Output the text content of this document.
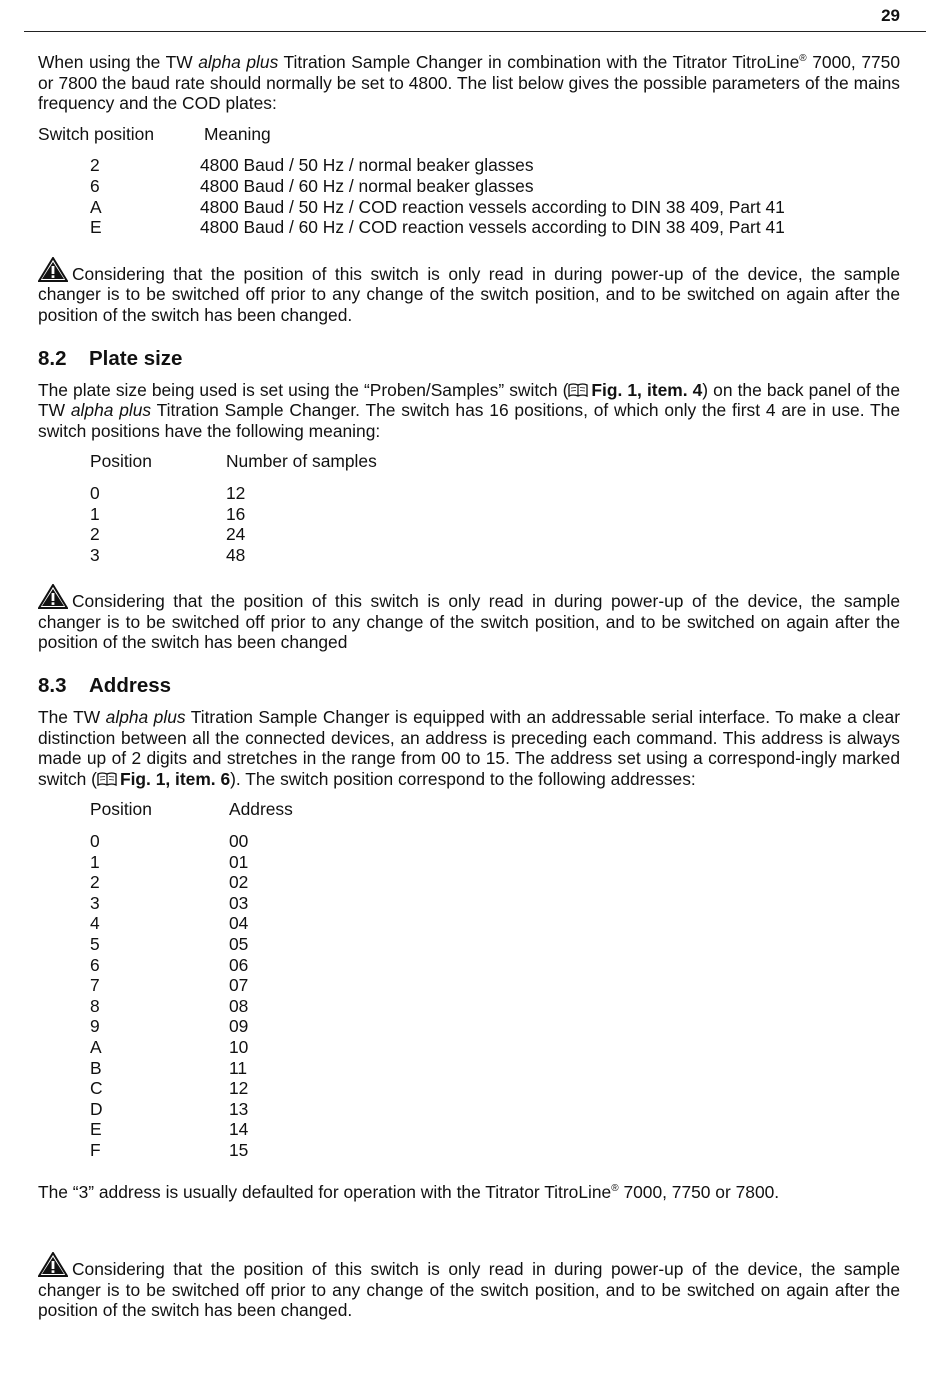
29

When using the TW alpha plus Titration Sample Changer in combination with the Titrator TitroLine® 7000, 7750 or 7800 the baud rate should normally be set to 4800. The list below gives the possible parameters of the mains frequency and the COD plates:

Switch position	Meaning
2	4800 Baud / 50 Hz / normal beaker glasses
6	4800 Baud / 60 Hz / normal beaker glasses
A	4800 Baud / 50 Hz / COD reaction vessels according to DIN 38 409, Part 41
E	4800 Baud / 60 Hz / COD reaction vessels according to DIN 38 409, Part 41

Considering that the position of this switch is only read in during power-up of the device, the sample changer is to be switched off prior to any change of the switch position, and to be switched on again after the position of the switch has been changed.

8.2 Plate size

The plate size being used is set using the “Proben/Samples” switch ( Fig. 1, item. 4) on the back panel of the TW alpha plus Titration Sample Changer. The switch has 16 positions, of which only the first 4 are in use. The switch positions have the following meaning:

Position	Number of samples
0	12
1	16
2	24
3	48

Considering that the position of this switch is only read in during power-up of the device, the sample changer is to be switched off prior to any change of the switch position, and to be switched on again after the position of the switch has been changed

8.3 Address

The TW alpha plus Titration Sample Changer is equipped with an addressable serial interface. To make a clear distinction between all the connected devices, an address is preceding each command. This address is always made up of 2 digits and stretches in the range from 00 to 15. The address set using a correspond-ingly marked switch ( Fig. 1, item. 6). The switch position correspond to the following addresses:

Position	Address
0	00
1	01
2	02
3	03
4	04
5	05
6	06
7	07
8	08
9	09
A	10
B	11
C	12
D	13
E	14
F	15

The “3” address is usually defaulted for operation with the Titrator TitroLine® 7000, 7750 or 7800.

Considering that the position of this switch is only read in during power-up of the device, the sample changer is to be switched off prior to any change of the switch position, and to be switched on again after the position of the switch has been changed.
